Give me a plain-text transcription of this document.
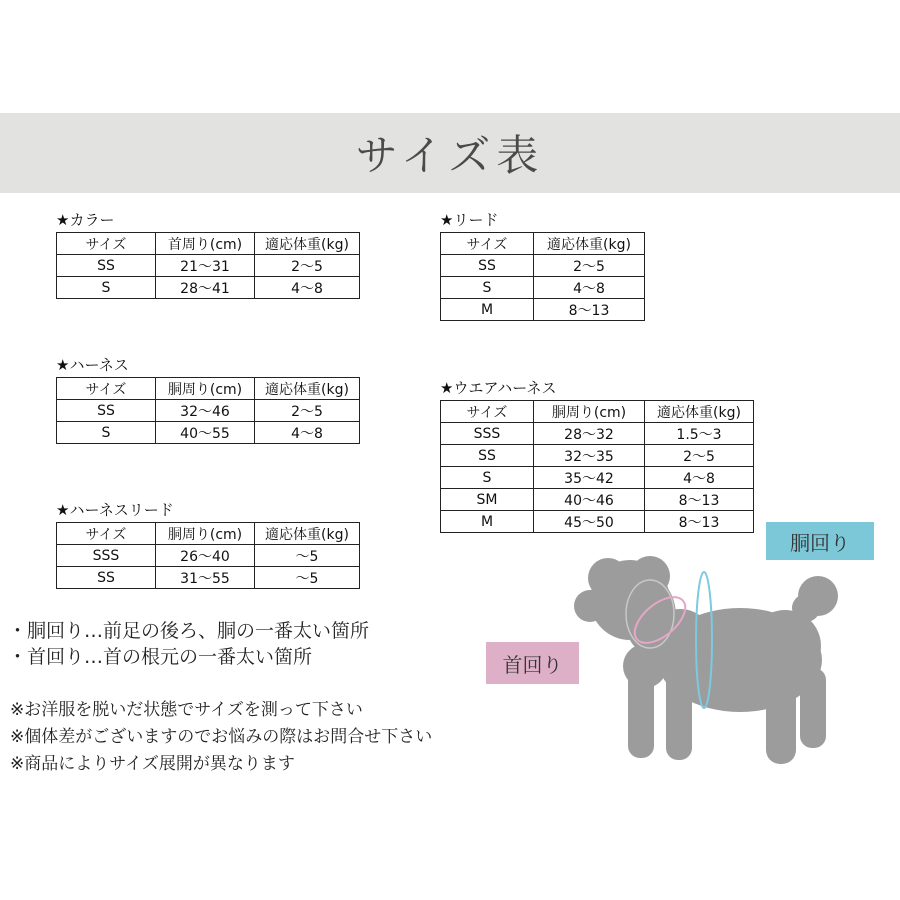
サイズ表
★カラー
サイズ	首周り(cm)	適応体重(kg)
SS	21〜31	2〜5
S	28〜41	4〜8
★リード
サイズ	適応体重(kg)
SS	2〜5
S	4〜8
M	8〜13
★ハーネス
サイズ	胴周り(cm)	適応体重(kg)
SS	32〜46	2〜5
S	40〜55	4〜8
★ウエアハーネス
サイズ	胴周り(cm)	適応体重(kg)
SSS	28〜32	1.5〜3
SS	32〜35	2〜5
S	35〜42	4〜8
SM	40〜46	8〜13
M	45〜50	8〜13
★ハーネスリード
サイズ	胴周り(cm)	適応体重(kg)
SSS	26〜40	〜5
SS	31〜55	〜5
・胴回り…前足の後ろ、胴の一番太い箇所
・首回り…首の根元の一番太い箇所
※お洋服を脱いだ状態でサイズを測って下さい
※個体差がございますのでお悩みの際はお問合せ下さい
※商品によりサイズ展開が異なります
胴回り
首回り
